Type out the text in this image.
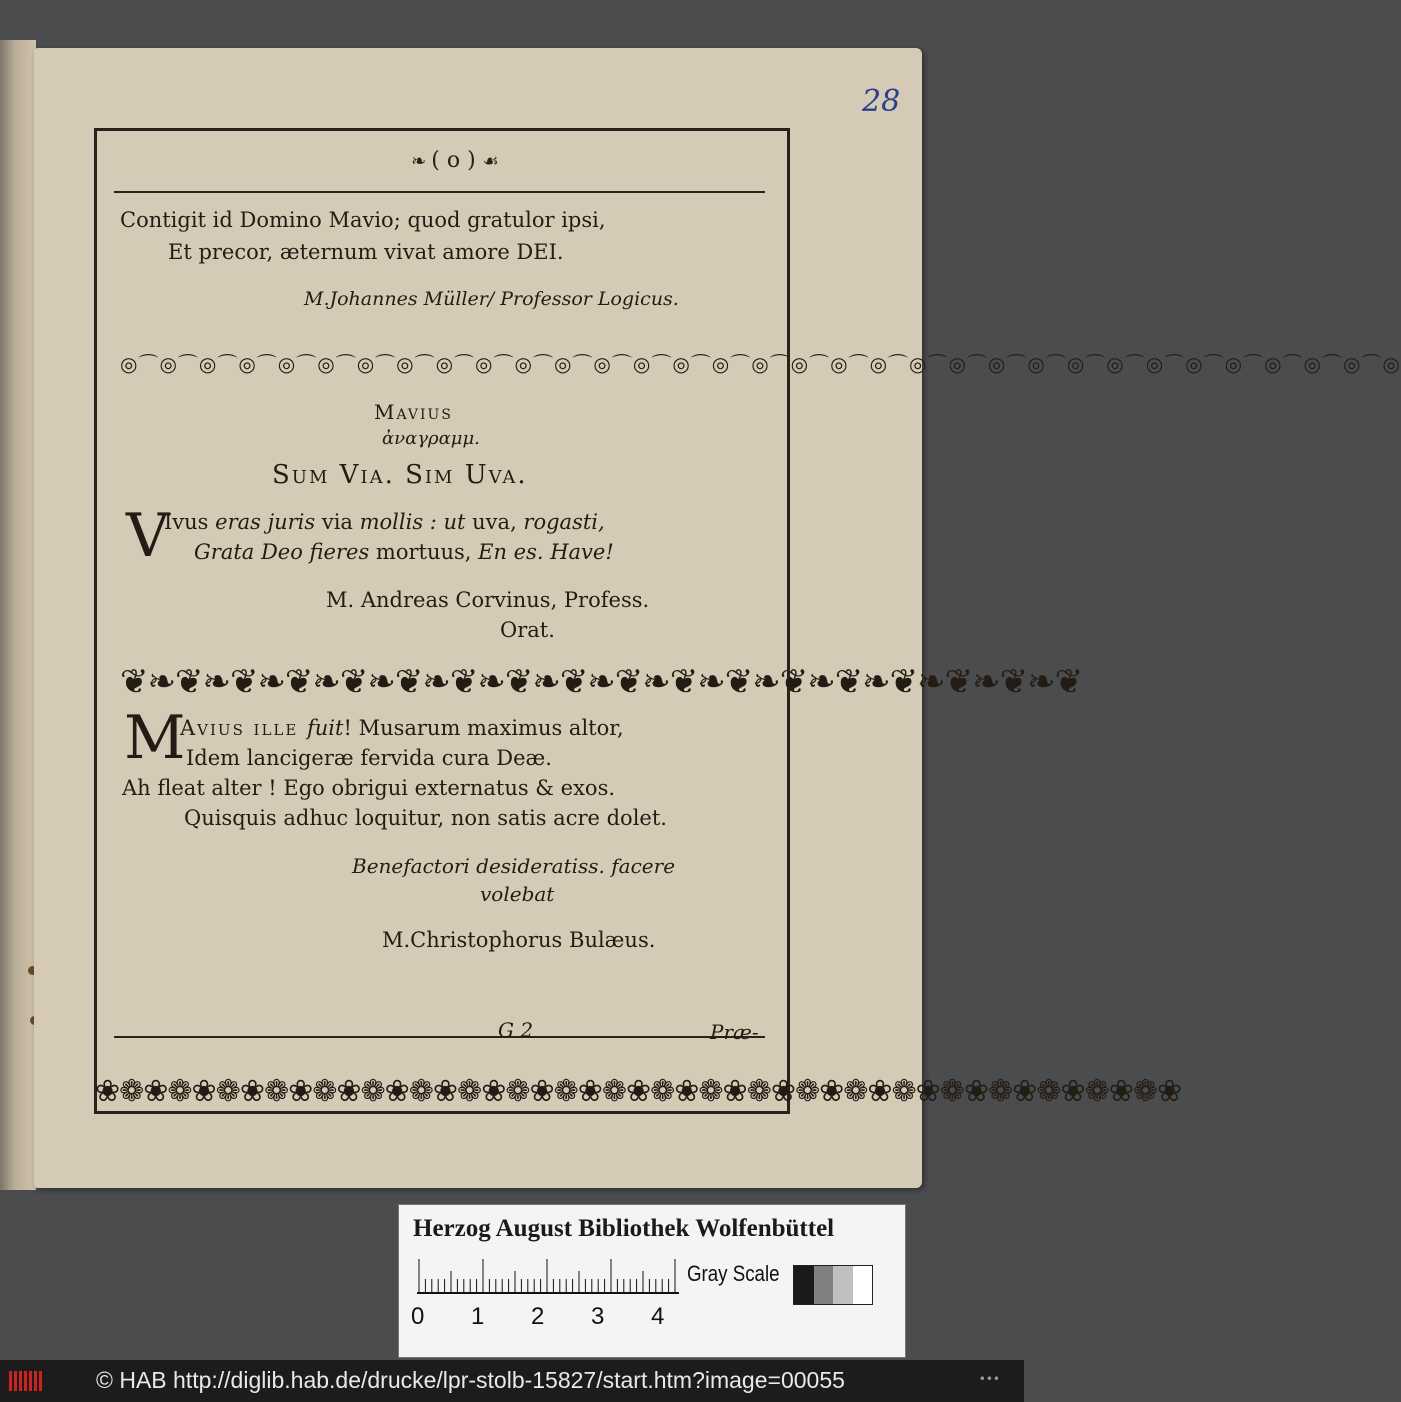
28
❧ ( o ) ☙
Contigit id Domino Mavio; quod gratulor ipsi,
Et precor, æternum vivat amore DEI.
M.Johannes Müller/ Professor Logicus.
◎⌒◎⌒◎⌒◎⌒◎⌒◎⌒◎⌒◎⌒◎⌒◎⌒◎⌒◎⌒◎⌒◎⌒◎⌒◎⌒◎⌒◎⌒◎⌒◎⌒◎⌒◎⌒◎⌒◎⌒◎⌒◎⌒◎⌒◎⌒◎⌒◎⌒◎⌒◎⌒◎
Mavius
ἀναγραμμ.
Sum Via. Sim Uva.
V
Ivus eras juris via mollis : ut uva, rogasti,
Grata Deo fieres mortuus, En es. Have!
M. Andreas Corvinus, Profess.
Orat.
❦❧❦❧❦❧❦❧❦❧❦❧❦❧❦❧❦❧❦❧❦❧❦❧❦❧❦❧❦❧❦❧❦❧❦
M
Avius ille fuit! Musarum maximus altor,
Idem lancigeræ fervida cura Deæ.
Ah fleat alter ! Ego obrigui externatus & exos.
Quisquis adhuc loquitur, non satis acre dolet.
Benefactori desideratiss. facere
volebat
M.Christophorus Bulæus.
G 2	Præ-
❀❁❀❁❀❁❀❁❀❁❀❁❀❁❀❁❀❁❀❁❀❁❀❁❀❁❀❁❀❁❀❁❀❁❀❁❀❁❀❁❀❁❀❁❀
Herzog August Bibliothek Wolfenbüttel
0 1 2 3 4
Gray Scale
© HAB http://diglib.hab.de/drucke/lpr-stolb-15827/start.htm?image=00055	•••
